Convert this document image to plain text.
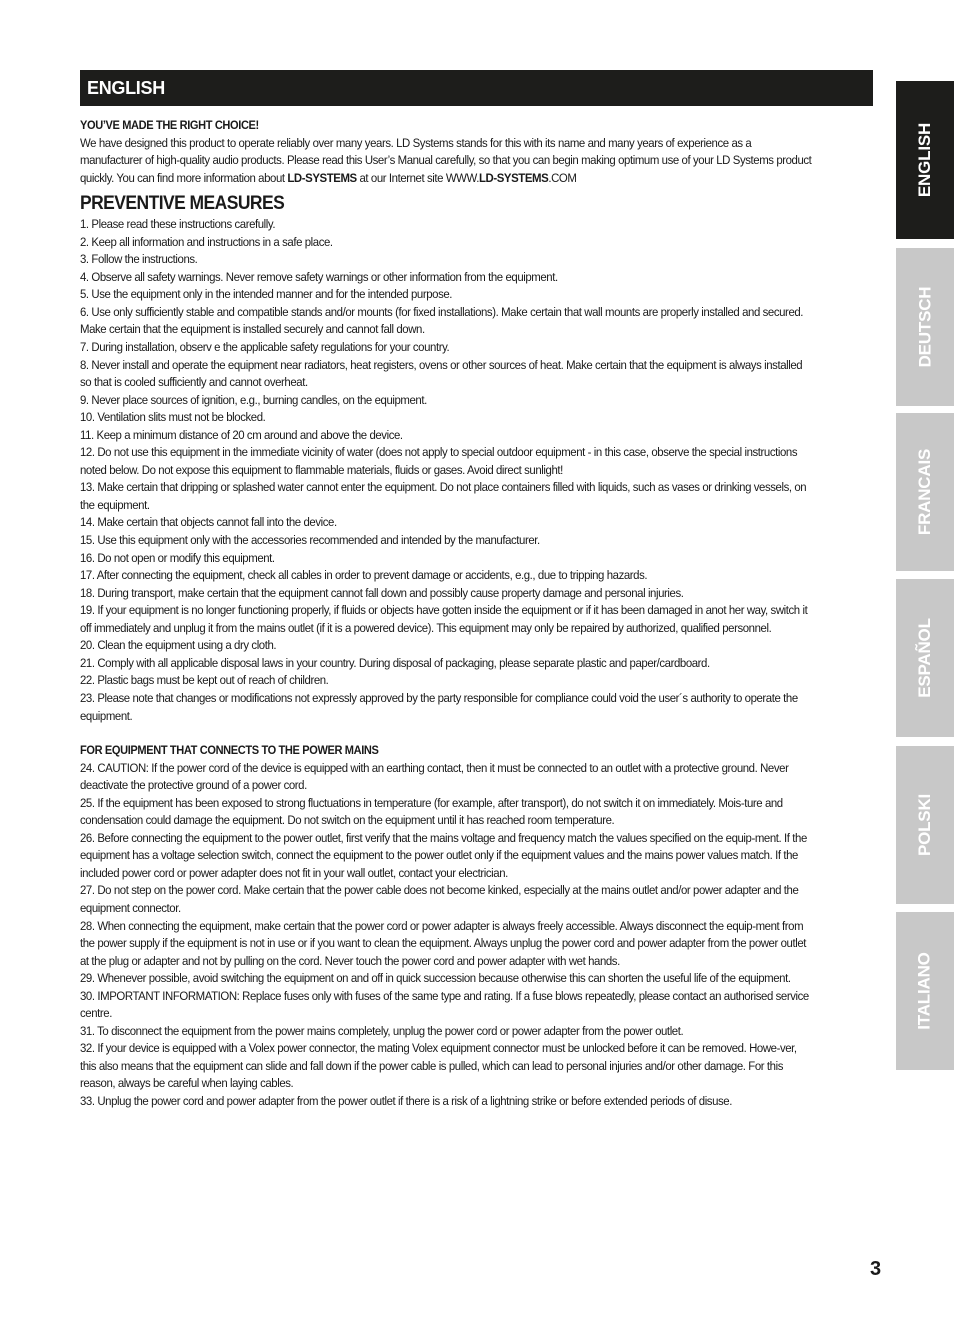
ENGLISH
YOU’VE MADE THE RIGHT CHOICE!

We have designed this product to operate reliably over many years. LD Systems stands for this with its name and many years of experience as a manufacturer of high-quality audio products. Please read this User’s Manual carefully, so that you can begin making optimum use of your LD Systems product quickly. You can find more information about LD-SYSTEMS at our Internet site WWW.LD-SYSTEMS.COM

PREVENTIVE MEASURES

1. Please read these instructions carefully.

2. Keep all information and instructions in a safe place.

3. Follow the instructions.

4. Observe all safety warnings. Never remove safety warnings or other information from the equipment.

5. Use the equipment only in the intended manner and for the intended purpose.

6. Use only sufficiently stable and compatible stands and/or mounts (for fixed installations). Make certain that wall mounts are properly installed and secured. Make certain that the equipment is installed securely and cannot fall down.

7. During installation, observ e the applicable safety regulations for your country.

8. Never install and operate the equipment near radiators, heat registers, ovens or other sources of heat. Make certain that the equipment is always installed so that is cooled sufficiently and cannot overheat.

9. Never place sources of ignition, e.g., burning candles, on the equipment.

10. Ventilation slits must not be blocked.

11. Keep a minimum distance of 20 cm around and above the device.

12. Do not use this equipment in the immediate vicinity of water (does not apply to special outdoor equipment - in this case, observe the special instructions noted below. Do not expose this equipment to flammable materials, fluids or gases. Avoid direct sunlight!

13. Make certain that dripping or splashed water cannot enter the equipment. Do not place containers filled with liquids, such as vases or drinking vessels, on the equipment.

14. Make certain that objects cannot fall into the device.

15. Use this equipment only with the accessories recommended and intended by the manufacturer.

16. Do not open or modify this equipment.

17. After connecting the equipment, check all cables in order to prevent damage or accidents, e.g., due to tripping hazards.

18. During transport, make certain that the equipment cannot fall down and possibly cause property damage and personal injuries.

19. If your equipment is no longer functioning properly, if fluids or objects have gotten inside the equipment or if it has been damaged in anot her way, switch it off immediately and unplug it from the mains outlet (if it is a powered device). This equipment may only be repaired by authorized, qualified personnel.

20. Clean the equipment using a dry cloth.

21. Comply with all applicable disposal laws in your country. During disposal of packaging, please separate plastic and paper/cardboard.

22. Plastic bags must be kept out of reach of children.

23. Please note that changes or modifications not expressly approved by the party responsible for compliance could void the user´s authority to operate the equipment.

FOR EQUIPMENT THAT CONNECTS TO THE POWER MAINS

24. CAUTION: If the power cord of the device is equipped with an earthing contact, then it must be connected to an outlet with a protective ground. Never deactivate the protective ground of a power cord.

25. If the equipment has been exposed to strong fluctuations in temperature (for example, after transport), do not switch it on immediately. Mois-ture and condensation could damage the equipment. Do not switch on the equipment until it has reached room temperature.

26. Before connecting the equipment to the power outlet, first verify that the mains voltage and frequency match the values specified on the equip-ment. If the equipment has a voltage selection switch, connect the equipment to the power outlet only if the equipment values and the mains power values match. If the included power cord or power adapter does not fit in your wall outlet, contact your electrician.

27. Do not step on the power cord. Make certain that the power cable does not become kinked, especially at the mains outlet and/or power adapter and the equipment connector.

28. When connecting the equipment, make certain that the power cord or power adapter is always freely accessible. Always disconnect the equip-ment from the power supply if the equipment is not in use or if you want to clean the equipment. Always unplug the power cord and power adapter from the power outlet at the plug or adapter and not by pulling on the cord. Never touch the power cord and power adapter with wet hands.

29. Whenever possible, avoid switching the equipment on and off in quick succession because otherwise this can shorten the useful life of the equipment.

30. IMPORTANT INFORMATION: Replace fuses only with fuses of the same type and rating. If a fuse blows repeatedly, please contact an authorised service centre.

31. To disconnect the equipment from the power mains completely, unplug the power cord or power adapter from the power outlet.

32. If your device is equipped with a Volex power connector, the mating Volex equipment connector must be unlocked before it can be removed. Howe-ver, this also means that the equipment can slide and fall down if the power cable is pulled, which can lead to personal injuries and/or other damage. For this reason, always be careful when laying cables.

33. Unplug the power cord and power adapter from the power outlet if there is a risk of a lightning strike or before extended periods of disuse.

ENGLISH
DEUTSCH
FRANCAIS
ESPAÑOL
POLSKI
ITALIANO
3
